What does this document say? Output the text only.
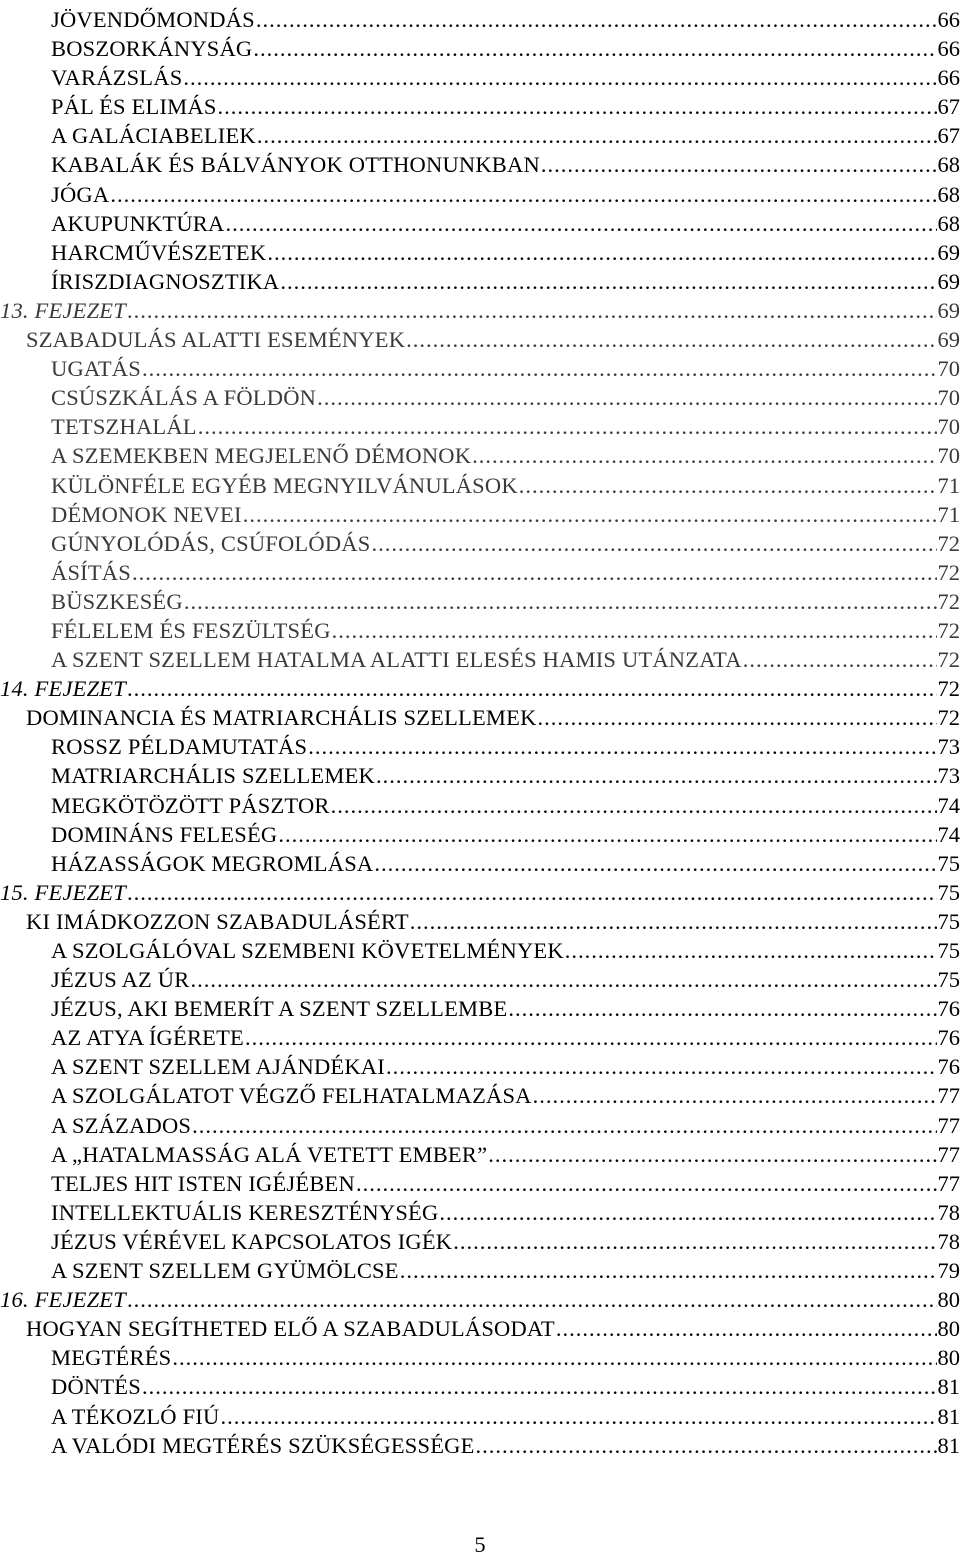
JÖVENDŐMONDÁS .....	66
BOSZORKÁNYSÁG .....	66
VARÁZSLÁS .....	66
PÁL ÉS ELIMÁS .....	67
A GALÁCIABELIEK .....	67
KABALÁK ÉS BÁLVÁNYOK OTTHONUNKBAN .....	68
JÓGA .....	68
AKUPUNKTÚRA .....	68
HARCMŰVÉSZETEK .....	69
ÍRISZDIAGNOSZTIKA .....	69
13. FEJEZET .....	69
SZABADULÁS ALATTI ESEMÉNYEK .....	69
UGATÁS .....	70
CSÚSZKÁLÁS A FÖLDÖN .....	70
TETSZHALÁL .....	70
A SZEMEKBEN MEGJELENŐ DÉMONOK .....	70
KÜLÖNFÉLE EGYÉB MEGNYILVÁNULÁSOK .....	71
DÉMONOK NEVEI .....	71
GÚNYOLÓDÁS, CSÚFOLÓDÁS .....	72
ÁSÍTÁS .....	72
BÜSZKESÉG .....	72
FÉLELEM ÉS FESZÜLTSÉG .....	72
A SZENT SZELLEM HATALMA ALATTI ELESÉS HAMIS UTÁNZATA .....	72
14. FEJEZET .....	72
DOMINANCIA ÉS MATRIARCHÁLIS SZELLEMEK .....	72
ROSSZ PÉLDAMUTATÁS .....	73
MATRIARCHÁLIS SZELLEMEK .....	73
MEGKÖTÖZÖTT PÁSZTOR .....	74
DOMINÁNS FELESÉG .....	74
HÁZASSÁGOK MEGROMLÁSA .....	75
15. FEJEZET .....	75
KI IMÁDKOZZON SZABADULÁSÉRT .....	75
A SZOLGÁLÓVAL SZEMBENI KÖVETELMÉNYEK .....	75
JÉZUS AZ ÚR .....	75
JÉZUS, AKI BEMERÍT A SZENT SZELLEMBE .....	76
AZ ATYA ÍGÉRETE .....	76
A SZENT SZELLEM AJÁNDÉKAI .....	76
A SZOLGÁLATOT VÉGZŐ FELHATALMAZÁSA .....	77
A SZÁZADOS .....	77
A „HATALMASSÁG ALÁ VETETT EMBER” .....	77
TELJES HIT ISTEN IGÉJÉBEN .....	77
INTELLEKTUÁLIS KERESZTÉNYSÉG .....	78
JÉZUS VÉRÉVEL KAPCSOLATOS IGÉK .....	78
A SZENT SZELLEM GYÜMÖLCSE .....	79
16. FEJEZET .....	80
HOGYAN SEGÍTHETED ELŐ A SZABADULÁSODAT .....	80
MEGTÉRÉS .....	80
DÖNTÉS .....	81
A TÉKOZLÓ FIÚ .....	81
A VALÓDI MEGTÉRÉS SZÜKSÉGESSÉGE .....	81
5
